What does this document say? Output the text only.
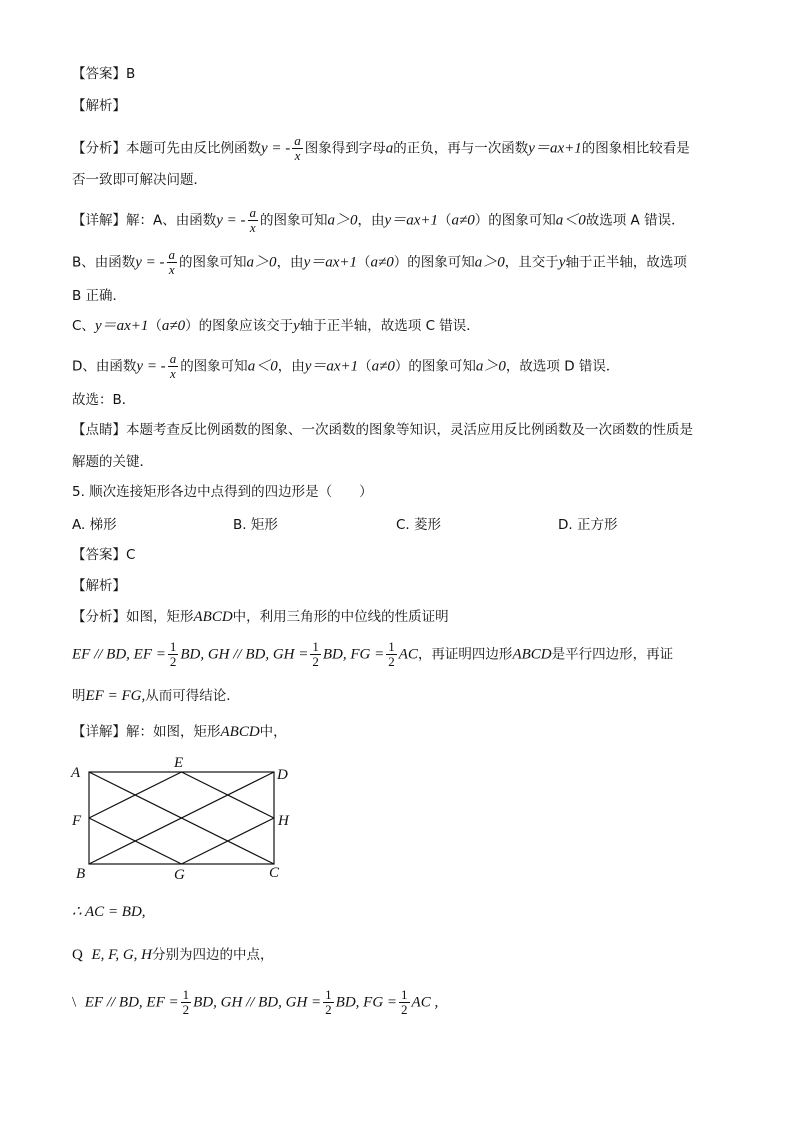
【答案】B
【解析】
【分析】本题可先由反比例函数y = - $\frac{a}{x}$ 图象得到字母a的正负，再与一次函数y＝ax+1的图象相比较看是
否一致即可解决问题．
【详解】解：A、由函数y = - $\frac{a}{x}$ 的图象可知a＞0，由y＝ax+1（a≠0）的图象可知a＜0故选项 A 错误．
B、由函数y = - $\frac{a}{x}$ 的图象可知a＞0，由y＝ax+1（a≠0）的图象可知a＞0，且交于y轴于正半轴，故选项
B 正确．
C、y＝ax+1（a≠0）的图象应该交于y轴于正半轴，故选项 C 错误．
D、由函数y = - $\frac{a}{x}$ 的图象可知a＜0，由y＝ax+1（a≠0）的图象可知a＞0，故选项 D 错误．
故选：B．
【点睛】本题考查反比例函数的图象、一次函数的图象等知识，灵活应用反比例函数及一次函数的性质是
解题的关键．
5. 顺次连接矩形各边中点得到的四边形是（　　）
A. 梯形	B. 矩形	C. 菱形	D. 正方形
【答案】C
【解析】
【分析】如图，矩形ABCD中，利用三角形的中位线的性质证明
EF // BD, EF = $\frac{1}{2}$ BD, GH // BD, GH = $\frac{1}{2}$ BD, FG = $\frac{1}{2}$ AC，再证明四边形ABCD是平行四边形，再证
明EF = FG,从而可得结论．
【详解】解：如图，矩形ABCD中，
A
E
D
F	H
B	G	C
∴ AC = BD,
Q E, F, G, H分别为四边的中点，
\ EF // BD, EF = $\frac{1}{2}$ BD, GH // BD, GH = $\frac{1}{2}$ BD, FG = $\frac{1}{2}$ AC ,
